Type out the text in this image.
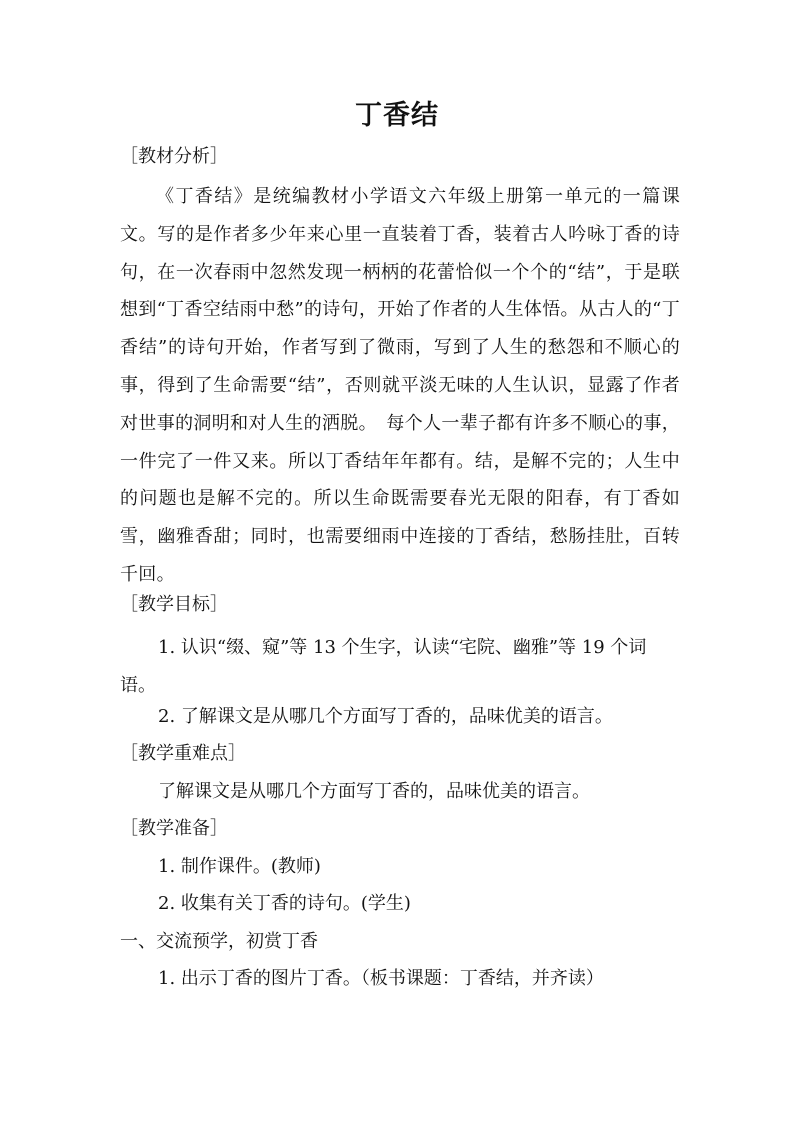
丁香结
［教材分析］
《丁香结》是统编教材小学语文六年级上册第一单元的一篇课文。写的是作者多少年来心里一直装着丁香，装着古人吟咏丁香的诗句，在一次春雨中忽然发现一柄柄的花蕾恰似一个个的“结”，于是联想到“丁香空结雨中愁”的诗句，开始了作者的人生体悟。从古人的“丁香结”的诗句开始，作者写到了微雨，写到了人生的愁怨和不顺心的事，得到了生命需要“结”，否则就平淡无味的人生认识，显露了作者对世事的洞明和对人生的洒脱。　每个人一辈子都有许多不顺心的事，一件完了一件又来。所以丁香结年年都有。结，是解不完的；人生中的问题也是解不完的。所以生命既需要春光无限的阳春，有丁香如雪，幽雅香甜；同时，也需要细雨中连接的丁香结，愁肠挂肚，百转千回。
［教学目标］
1. 认识“缀、窥”等 13 个生字，认读“宅院、幽雅”等 19 个词语。
2. 了解课文是从哪几个方面写丁香的，品味优美的语言。
［教学重难点］
了解课文是从哪几个方面写丁香的，品味优美的语言。
［教学准备］
1. 制作课件。(教师)
2. 收集有关丁香的诗句。(学生)
一、交流预学，初赏丁香
1. 出示丁香的图片丁香。（板书课题：丁香结，并齐读）
